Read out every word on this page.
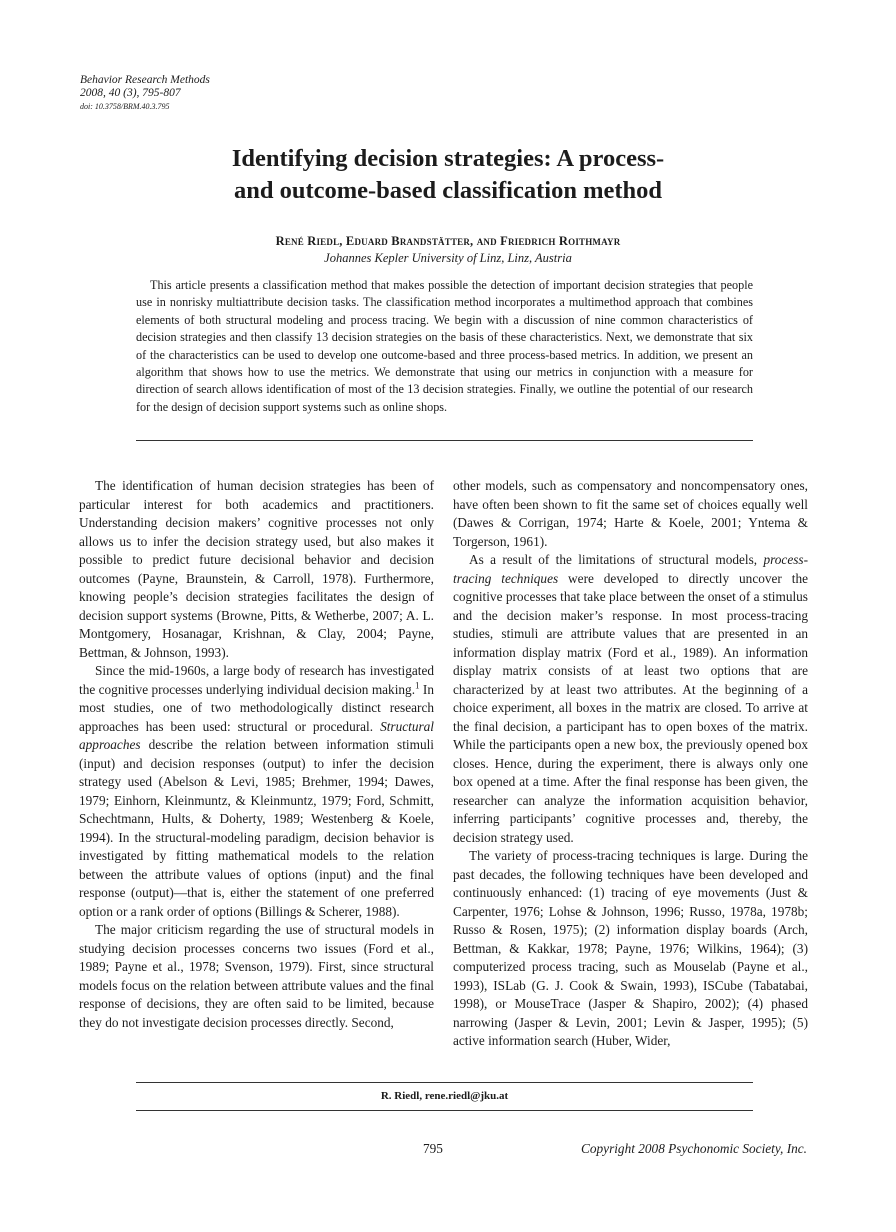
Behavior Research Methods
2008, 40 (3), 795-807
doi: 10.3758/BRM.40.3.795
Identifying decision strategies: A process-
and outcome-based classification method
René Riedl, Eduard Brandstätter, and Friedrich Roithmayr
Johannes Kepler University of Linz, Linz, Austria
This article presents a classification method that makes possible the detection of important decision strategies that people use in nonrisky multiattribute decision tasks. The classification method incorporates a multimethod approach that combines elements of both structural modeling and process tracing. We begin with a discussion of nine common characteristics of decision strategies and then classify 13 decision strategies on the basis of these characteristics. Next, we demonstrate that six of the characteristics can be used to develop one outcome-based and three process-based metrics. In addition, we present an algorithm that shows how to use the metrics. We demonstrate that using our metrics in conjunction with a measure for direction of search allows identification of most of the 13 decision strategies. Finally, we outline the potential of our research for the design of decision support systems such as online shops.

The identification of human decision strategies has been of particular interest for both academics and practitioners. Understanding decision makers’ cognitive processes not only allows us to infer the decision strategy used, but also makes it possible to predict future decisional behavior and decision outcomes (Payne, Braunstein, & Carroll, 1978). Furthermore, knowing people’s decision strategies facilitates the design of decision support systems (Browne, Pitts, & Wetherbe, 2007; A. L. Montgomery, Hosanagar, Krishnan, & Clay, 2004; Payne, Bettman, & Johnson, 1993).

Since the mid-1960s, a large body of research has investigated the cognitive processes underlying individual decision making.$^1$ In most studies, one of two methodologically distinct research approaches has been used: structural or procedural. Structural approaches describe the relation between information stimuli (input) and decision responses (output) to infer the decision strategy used (Abelson & Levi, 1985; Brehmer, 1994; Dawes, 1979; Einhorn, Kleinmuntz, & Kleinmuntz, 1979; Ford, Schmitt, Schechtmann, Hults, & Doherty, 1989; Westenberg & Koele, 1994). In the structural-modeling paradigm, decision behavior is investigated by fitting mathematical models to the relation between the attribute values of options (input) and the final response (output)—that is, either the statement of one preferred option or a rank order of options (Billings & Scherer, 1988).

The major criticism regarding the use of structural models in studying decision processes concerns two issues (Ford et al., 1989; Payne et al., 1978; Svenson, 1979). First, since structural models focus on the relation between attribute values and the final response of decisions, they are often said to be limited, because they do not investigate decision processes directly. Second,

other models, such as compensatory and noncompensatory ones, have often been shown to fit the same set of choices equally well (Dawes & Corrigan, 1974; Harte & Koele, 2001; Yntema & Torgerson, 1961).

As a result of the limitations of structural models, process-tracing techniques were developed to directly uncover the cognitive processes that take place between the onset of a stimulus and the decision maker’s response. In most process-tracing studies, stimuli are attribute values that are presented in an information display matrix (Ford et al., 1989). An information display matrix consists of at least two options that are characterized by at least two attributes. At the beginning of a choice experiment, all boxes in the matrix are closed. To arrive at the final decision, a participant has to open boxes of the matrix. While the participants open a new box, the previously opened box closes. Hence, during the experiment, there is always only one box opened at a time. After the final response has been given, the researcher can analyze the information acquisition behavior, inferring participants’ cognitive processes and, thereby, the decision strategy used.

The variety of process-tracing techniques is large. During the past decades, the following techniques have been developed and continuously enhanced: (1) tracing of eye movements (Just & Carpenter, 1976; Lohse & Johnson, 1996; Russo, 1978a, 1978b; Russo & Rosen, 1975); (2) information display boards (Arch, Bettman, & Kakkar, 1978; Payne, 1976; Wilkins, 1964); (3) computerized process tracing, such as Mouselab (Payne et al., 1993), ISLab (G. J. Cook & Swain, 1993), ISCube (Tabatabai, 1998), or MouseTrace (Jasper & Shapiro, 2002); (4) phased narrowing (Jasper & Levin, 2001; Levin & Jasper, 1995); (5) active information search (Huber, Wider,

R. Riedl, rene.riedl@jku.at
795	Copyright 2008 Psychonomic Society, Inc.
